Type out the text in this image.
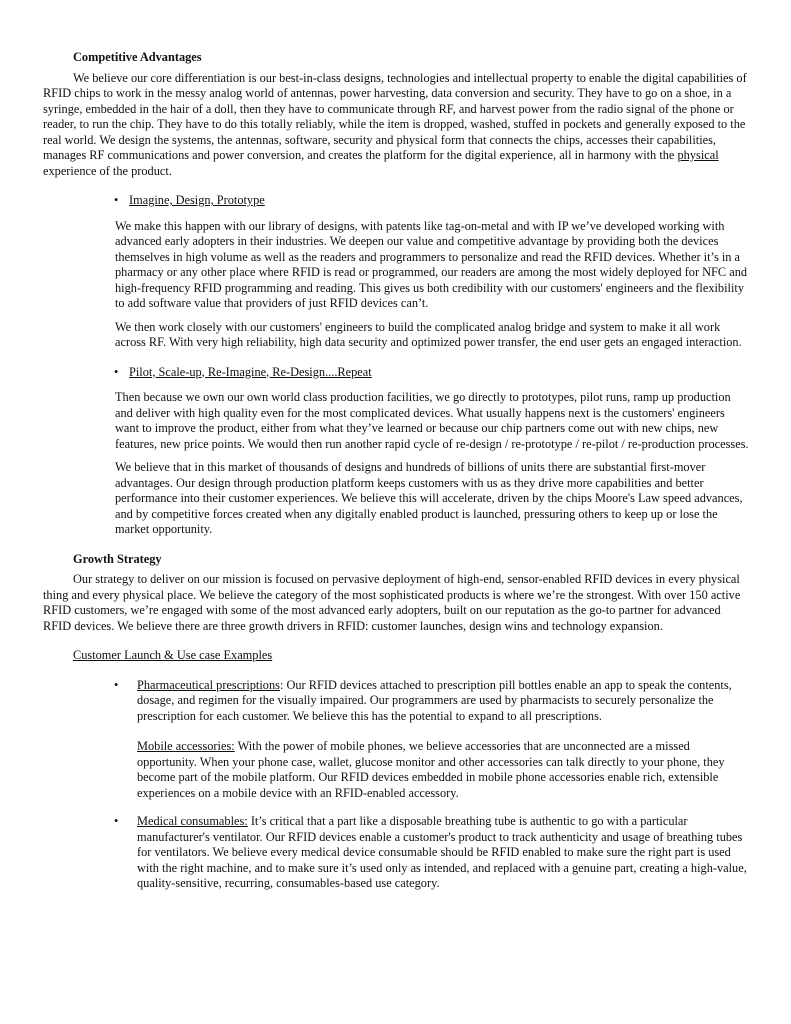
Competitive Advantages

We believe our core differentiation is our best-in-class designs, technologies and intellectual property to enable the digital capabilities of RFID chips to work in the messy analog world of antennas, power harvesting, data conversion and security. They have to go on a shoe, in a syringe, embedded in the hair of a doll, then they have to communicate through RF, and harvest power from the radio signal of the phone or reader, to run the chip. They have to do this totally reliably, while the item is dropped, washed, stuffed in pockets and generally exposed to the real world. We design the systems, the antennas, software, security and physical form that connects the chips, accesses their capabilities, manages RF communications and power conversion, and creates the platform for the digital experience, all in harmony with the physical experience of the product.

• Imagine, Design, Prototype

We make this happen with our library of designs, with patents like tag-on-metal and with IP we’ve developed working with advanced early adopters in their industries. We deepen our value and competitive advantage by providing both the devices themselves in high volume as well as the readers and programmers to personalize and read the RFID devices. Whether it’s in a pharmacy or any other place where RFID is read or programmed, our readers are among the most widely deployed for NFC and high-frequency RFID programming and reading. This gives us both credibility with our customers' engineers and the flexibility to add software value that providers of just RFID devices can’t.

We then work closely with our customers' engineers to build the complicated analog bridge and system to make it all work across RF. With very high reliability, high data security and optimized power transfer, the end user gets an engaged interaction.

• Pilot, Scale-up, Re-Imagine, Re-Design....Repeat

Then because we own our own world class production facilities, we go directly to prototypes, pilot runs, ramp up production and deliver with high quality even for the most complicated devices. What usually happens next is the customers' engineers want to improve the product, either from what they’ve learned or because our chip partners come out with new chips, new features, new price points. We would then run another rapid cycle of re-design / re-prototype / re-pilot / re-production processes.

We believe that in this market of thousands of designs and hundreds of billions of units there are substantial first-mover advantages. Our design through production platform keeps customers with us as they drive more capabilities and better performance into their customer experiences. We believe this will accelerate, driven by the chips Moore's Law speed advances, and by competitive forces created when any digitally enabled product is launched, pressuring others to keep up or lose the market opportunity.

Growth Strategy

Our strategy to deliver on our mission is focused on pervasive deployment of high-end, sensor-enabled RFID devices in every physical thing and every physical place. We believe the category of the most sophisticated products is where we’re the strongest. With over 150 active RFID customers, we’re engaged with some of the most advanced early adopters, built on our reputation as the go-to partner for advanced RFID devices. We believe there are three growth drivers in RFID: customer launches, design wins and technology expansion.

Customer Launch & Use case Examples
• Pharmaceutical prescriptions: Our RFID devices attached to prescription pill bottles enable an app to speak the contents, dosage, and regimen for the visually impaired. Our programmers are used by pharmacists to securely personalize the prescription for each customer. We believe this has the potential to expand to all prescriptions.

Mobile accessories: With the power of mobile phones, we believe accessories that are unconnected are a missed opportunity. When your phone case, wallet, glucose monitor and other accessories can talk directly to your phone, they become part of the mobile platform. Our RFID devices embedded in mobile phone accessories enable rich, extensible experiences on a mobile device with an RFID-enabled accessory.

• Medical consumables: It’s critical that a part like a disposable breathing tube is authentic to go with a particular manufacturer's ventilator. Our RFID devices enable a customer's product to track authenticity and usage of breathing tubes for ventilators. We believe every medical device consumable should be RFID enabled to make sure the right part is used with the right machine, and to make sure it’s used only as intended, and replaced with a genuine part, creating a high-value, quality-sensitive, recurring, consumables-based use category.
